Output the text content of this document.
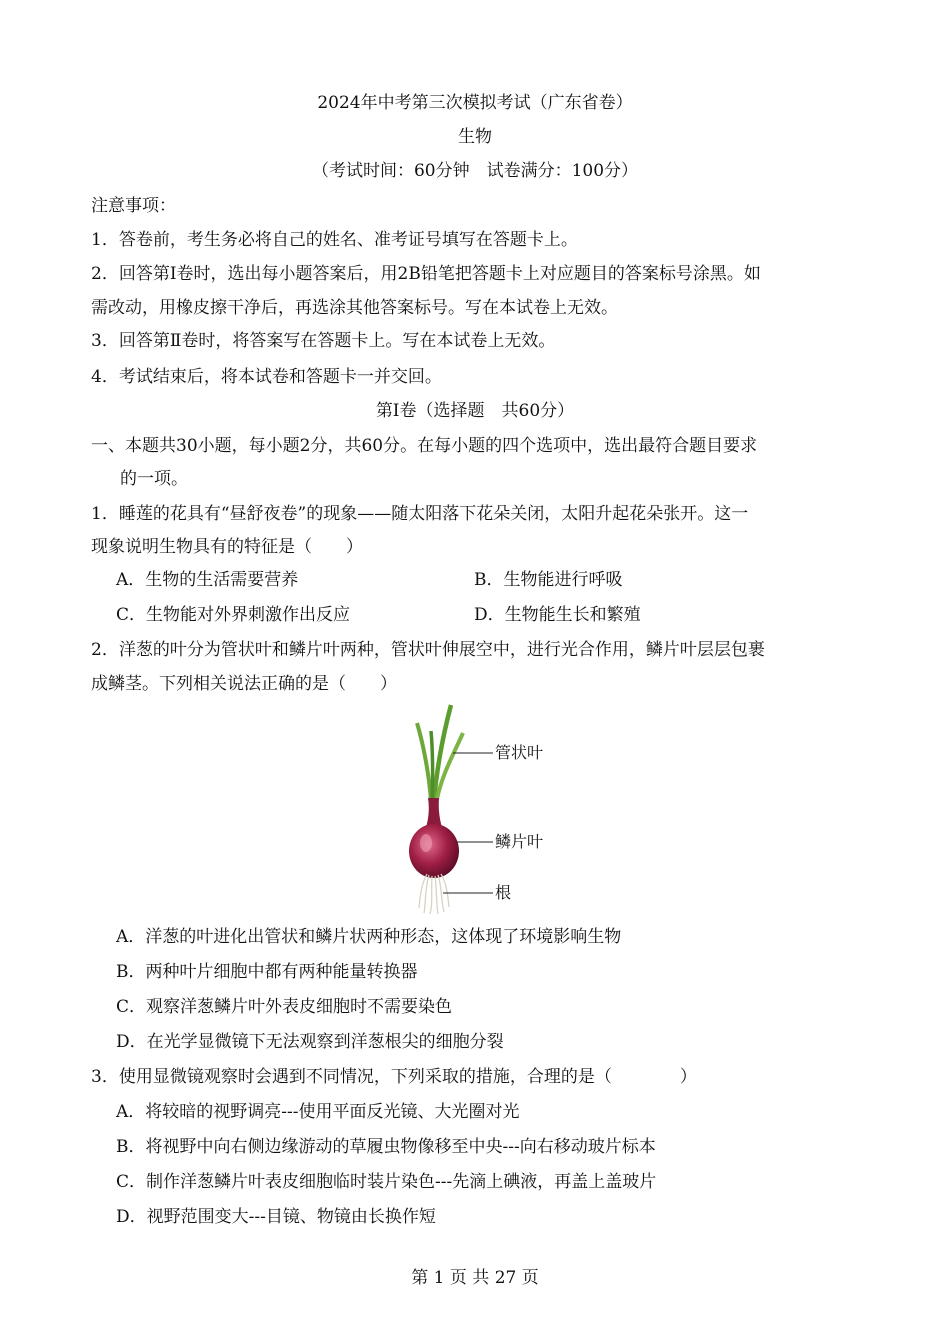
2024年中考第三次模拟考试（广东省卷）
生物
（考试时间：60分钟　试卷满分：100分）
注意事项：
1．答卷前，考生务必将自己的姓名、准考证号填写在答题卡上。
2．回答第Ⅰ卷时，选出每小题答案后，用2B铅笔把答题卡上对应题目的答案标号涂黑。如
需改动，用橡皮擦干净后，再选涂其他答案标号。写在本试卷上无效。
3．回答第Ⅱ卷时，将答案写在答题卡上。写在本试卷上无效。
4．考试结束后，将本试卷和答题卡一并交回。
第Ⅰ卷（选择题　共60分）
一、本题共30小题，每小题2分，共60分。在每小题的四个选项中，选出最符合题目要求
的一项。
1．睡莲的花具有“昼舒夜卷”的现象——随太阳落下花朵关闭，太阳升起花朵张开。这一
现象说明生物具有的特征是（　　）
A．生物的生活需要营养	B．生物能进行呼吸
C．生物能对外界刺激作出反应	D．生物能生长和繁殖
2．洋葱的叶分为管状叶和鳞片叶两种，管状叶伸展空中，进行光合作用，鳞片叶层层包裹
成鳞茎。下列相关说法正确的是（　　）
管状叶
鳞片叶
根
A．洋葱的叶进化出管状和鳞片状两种形态，这体现了环境影响生物
B．两种叶片细胞中都有两种能量转换器
C．观察洋葱鳞片叶外表皮细胞时不需要染色
D．在光学显微镜下无法观察到洋葱根尖的细胞分裂
3．使用显微镜观察时会遇到不同情况，下列采取的措施，合理的是（　　　　）
A．将较暗的视野调亮---使用平面反光镜、大光圈对光
B．将视野中向右侧边缘游动的草履虫物像移至中央---向右移动玻片标本
C．制作洋葱鳞片叶表皮细胞临时装片染色---先滴上碘液，再盖上盖玻片
D．视野范围变大---目镜、物镜由长换作短
第 1 页 共 27 页
